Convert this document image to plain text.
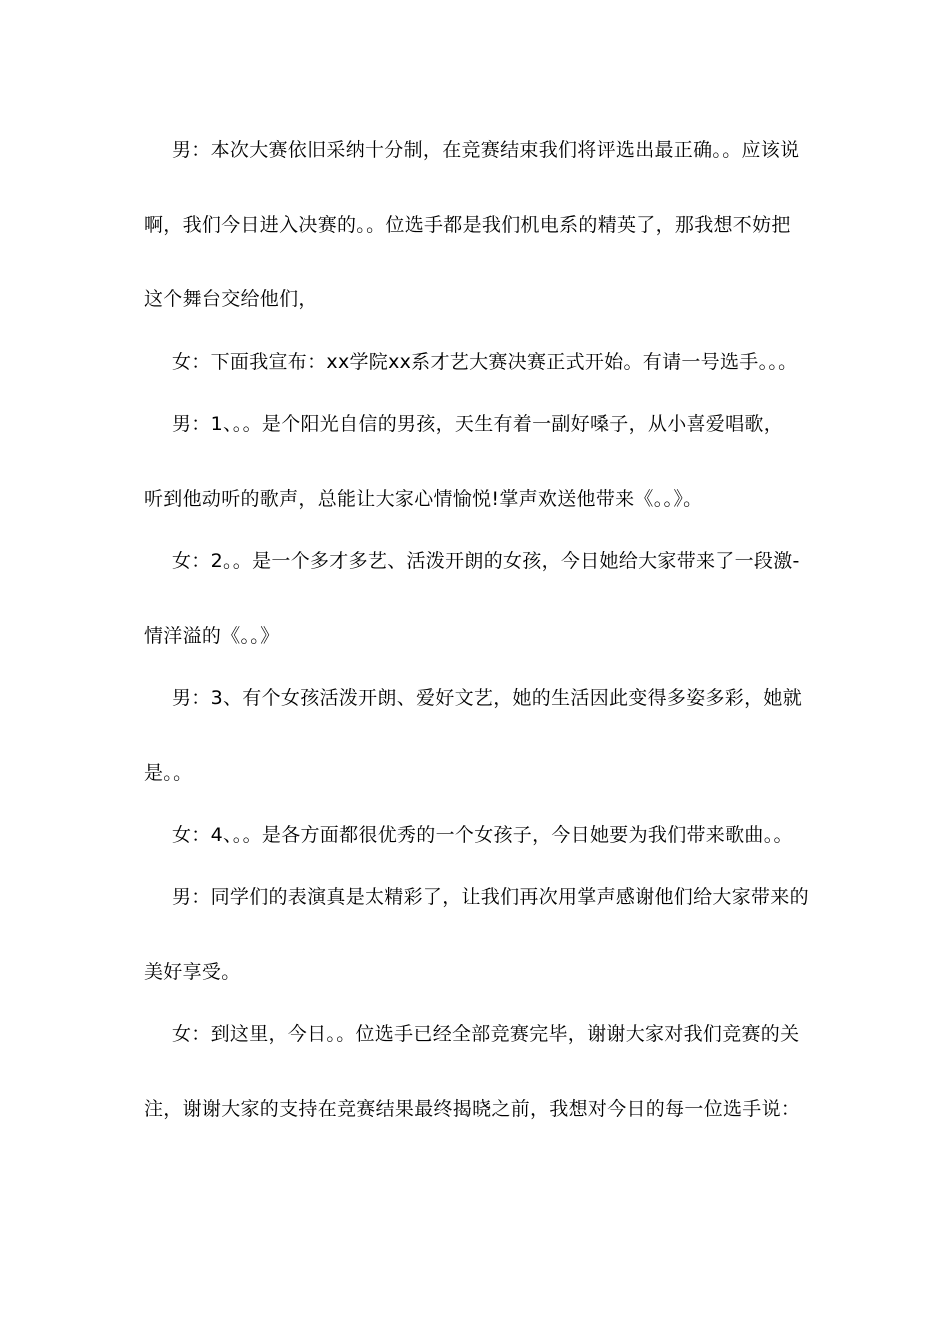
男：本次大赛依旧采纳十分制，在竞赛结束我们将评选出最正确。。应该说
啊，我们今日进入决赛的。。位选手都是我们机电系的精英了，那我想不妨把
这个舞台交给他们，
女：下面我宣布：xx学院xx系才艺大赛决赛正式开始。有请一号选手。。。
男：1、。。是个阳光自信的男孩，天生有着一副好嗓子，从小喜爱唱歌，
听到他动听的歌声，总能让大家心情愉悦!掌声欢送他带来《。。》。
女：2。。是一个多才多艺、活泼开朗的女孩，今日她给大家带来了一段激-
情洋溢的《。。》
男：3、有个女孩活泼开朗、爱好文艺，她的生活因此变得多姿多彩，她就
是。。
女：4、。。是各方面都很优秀的一个女孩子，今日她要为我们带来歌曲。。
男：同学们的表演真是太精彩了，让我们再次用掌声感谢他们给大家带来的
美好享受。
女：到这里，今日。。位选手已经全部竞赛完毕，谢谢大家对我们竞赛的关
注，谢谢大家的支持在竞赛结果最终揭晓之前，我想对今日的每一位选手说：
